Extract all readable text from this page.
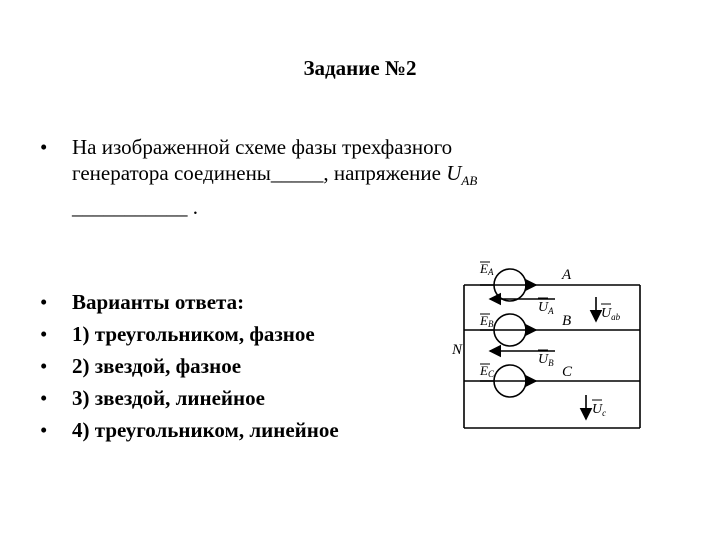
Задание №2
•	На изображенной схеме фазы трехфазного
генератора соединены_____, напряжение $U_{AB}$
___________ .
•	Варианты ответа:
•	1) треугольником, фазное
•	2) звездой, фазное
•	3) звездой, линейное
•	4) треугольником, линейное
EA
EB
EC
A
B
C
N
$U_A$
$U_B$
$U_{ab}$
$U_c$
